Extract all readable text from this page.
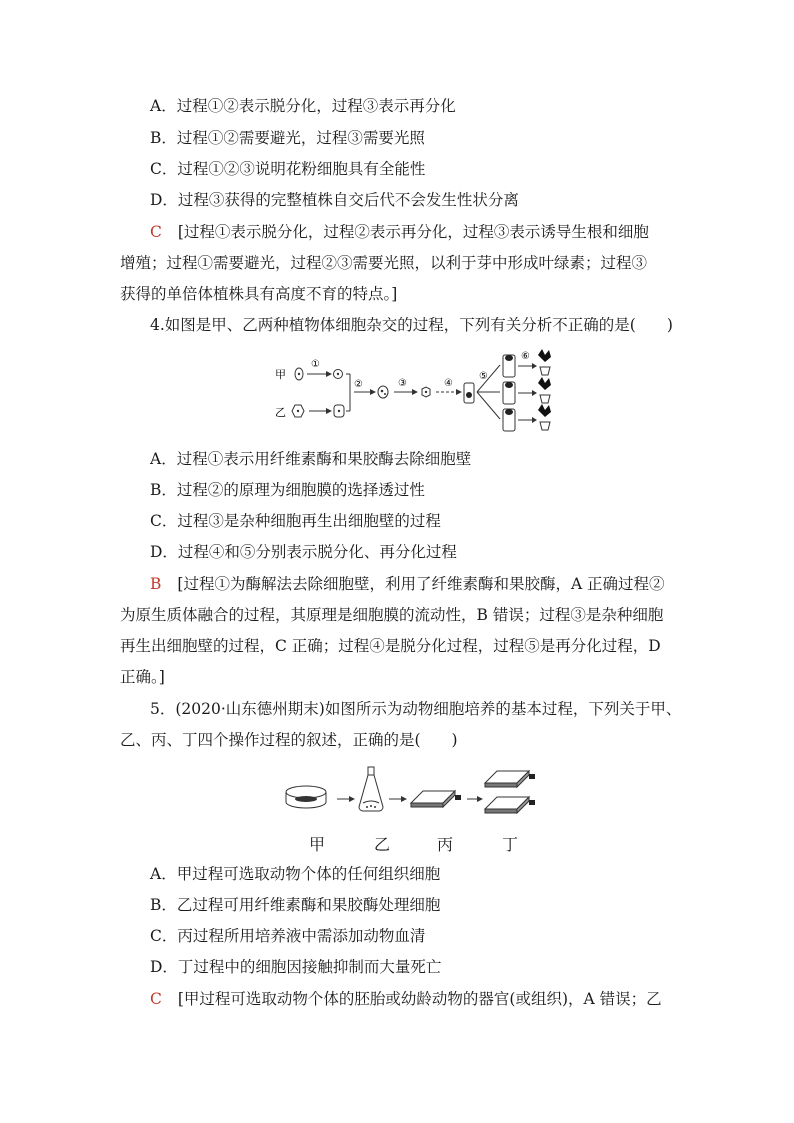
A．过程①②表示脱分化，过程③表示再分化
B．过程①②需要避光，过程③需要光照
C．过程①②③说明花粉细胞具有全能性
D．过程③获得的完整植株自交后代不会发生性状分离
C [过程①表示脱分化，过程②表示再分化，过程③表示诱导生根和细胞
增殖；过程①需要避光，过程②③需要光照，以利于芽中形成叶绿素；过程③
获得的单倍体植株具有高度不育的特点。]
4.如图是甲、乙两种植物体细胞杂交的过程，下列有关分析不正确的是(　　)
甲
乙
①
②	③	④
⑤
⑥
A．过程①表示用纤维素酶和果胶酶去除细胞壁
B．过程②的原理为细胞膜的选择透过性
C．过程③是杂种细胞再生出细胞壁的过程
D．过程④和⑤分别表示脱分化、再分化过程
B [过程①为酶解法去除细胞壁，利用了纤维素酶和果胶酶，A 正确过程②
为原生质体融合的过程，其原理是细胞膜的流动性，B 错误；过程③是杂种细胞
再生出细胞壁的过程，C 正确；过程④是脱分化过程，过程⑤是再分化过程，D
正确。]
5．(2020·山东德州期末)如图所示为动物细胞培养的基本过程，下列关于甲、
乙、丙、丁四个操作过程的叙述，正确的是(　　)
甲	乙	丙	丁
A．甲过程可选取动物个体的任何组织细胞
B．乙过程可用纤维素酶和果胶酶处理细胞
C．丙过程所用培养液中需添加动物血清
D．丁过程中的细胞因接触抑制而大量死亡
C [甲过程可选取动物个体的胚胎或幼龄动物的器官(或组织)，A 错误；乙
